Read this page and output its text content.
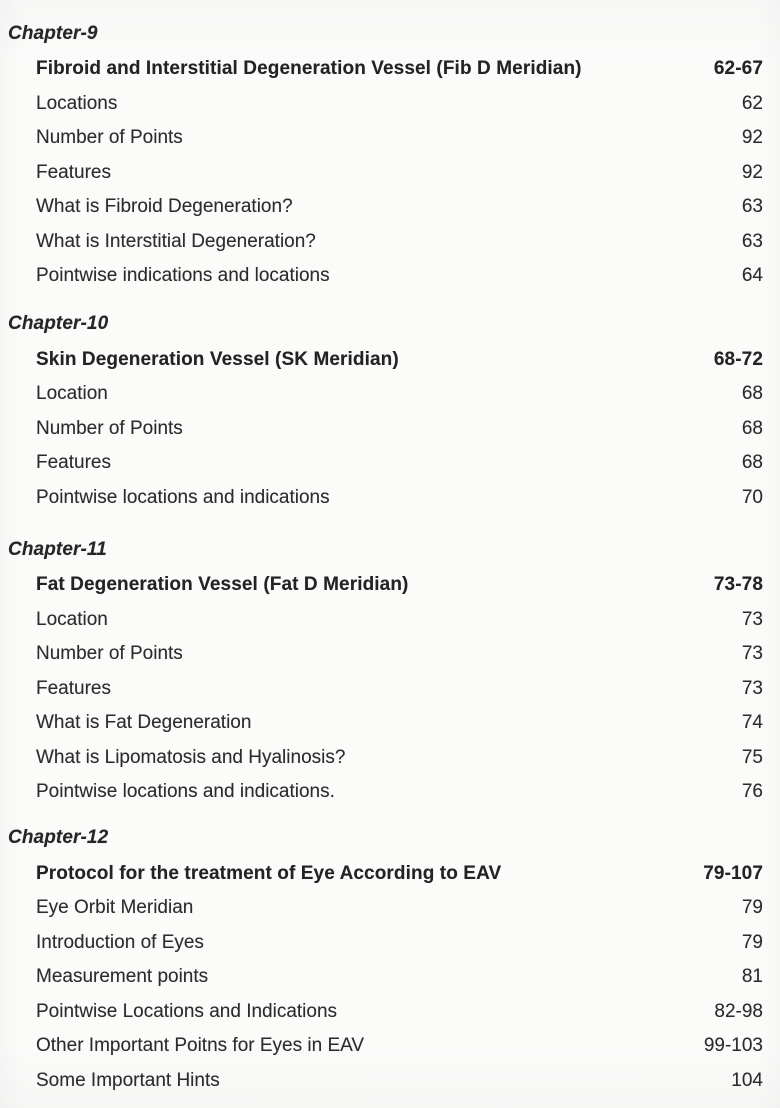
Chapter-9
Fibroid and Interstitial Degeneration Vessel (Fib D Meridian)	62-67
Locations	62
Number of Points	92
Features	92
What is Fibroid Degeneration?	63
What is Interstitial Degeneration?	63
Pointwise indications and locations	64
Chapter-10
Skin Degeneration Vessel (SK Meridian)	68-72
Location	68
Number of Points	68
Features	68
Pointwise locations and indications	70
Chapter-11
Fat Degeneration Vessel (Fat D Meridian)	73-78
Location	73
Number of Points	73
Features	73
What is Fat Degeneration	74
What is Lipomatosis and Hyalinosis?	75
Pointwise locations and indications.	76
Chapter-12
Protocol for the treatment of Eye According to EAV	79-107
Eye Orbit Meridian	79
Introduction of Eyes	79
Measurement points	81
Pointwise Locations and Indications	82-98
Other Important Poitns for Eyes in EAV	99-103
Some Important Hints	104
